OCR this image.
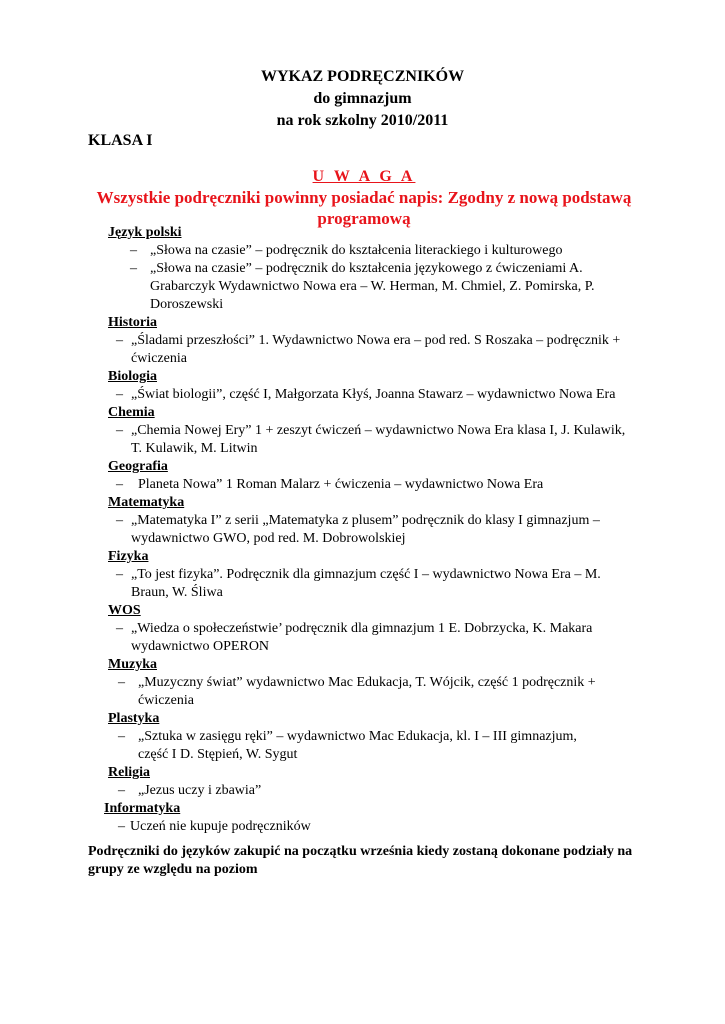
WYKAZ PODRĘCZNIKÓW
do gimnazjum
na rok szkolny 2010/2011
KLASA I
U W A G A
Wszystkie podręczniki powinny posiadać napis: Zgodny z nową podstawą programową
Język polski
– „Słowa na czasie” – podręcznik do kształcenia literackiego i kulturowego
– „Słowa na czasie” – podręcznik do kształcenia językowego z ćwiczeniami A. Grabarczyk Wydawnictwo Nowa era – W. Herman, M. Chmiel, Z. Pomirska, P. Doroszewski
Historia
– „Śladami przeszłości” 1. Wydawnictwo Nowa era – pod red. S Roszaka – podręcznik + ćwiczenia
Biologia
– „Świat biologii”, część I, Małgorzata Kłyś, Joanna Stawarz – wydawnictwo Nowa Era
Chemia
– „Chemia Nowej Ery” 1 + zeszyt ćwiczeń – wydawnictwo Nowa Era klasa I, J. Kulawik, T. Kulawik, M. Litwin
Geografia
– Planeta Nowa” 1 Roman Malarz + ćwiczenia – wydawnictwo Nowa Era
Matematyka
– „Matematyka I” z serii „Matematyka z plusem” podręcznik do klasy I gimnazjum – wydawnictwo GWO, pod red. M. Dobrowolskiej
Fizyka
– „To jest fizyka”. Podręcznik dla gimnazjum część I – wydawnictwo Nowa Era – M. Braun, W. Śliwa
WOS
– „Wiedza o społeczeństwie’ podręcznik dla gimnazjum 1 E. Dobrzycka, K. Makara wydawnictwo OPERON
Muzyka
– „Muzyczny świat” wydawnictwo Mac Edukacja, T. Wójcik, część 1 podręcznik + ćwiczenia
Plastyka
– „Sztuka w zasięgu ręki” – wydawnictwo Mac Edukacja, kl. I – III gimnazjum, część I D. Stępień, W. Sygut
Religia
– „Jezus uczy i zbawia”
Informatyka
– Uczeń nie kupuje podręczników
Podręczniki do języków zakupić na początku września kiedy zostaną dokonane podziały na grupy ze względu na poziom
